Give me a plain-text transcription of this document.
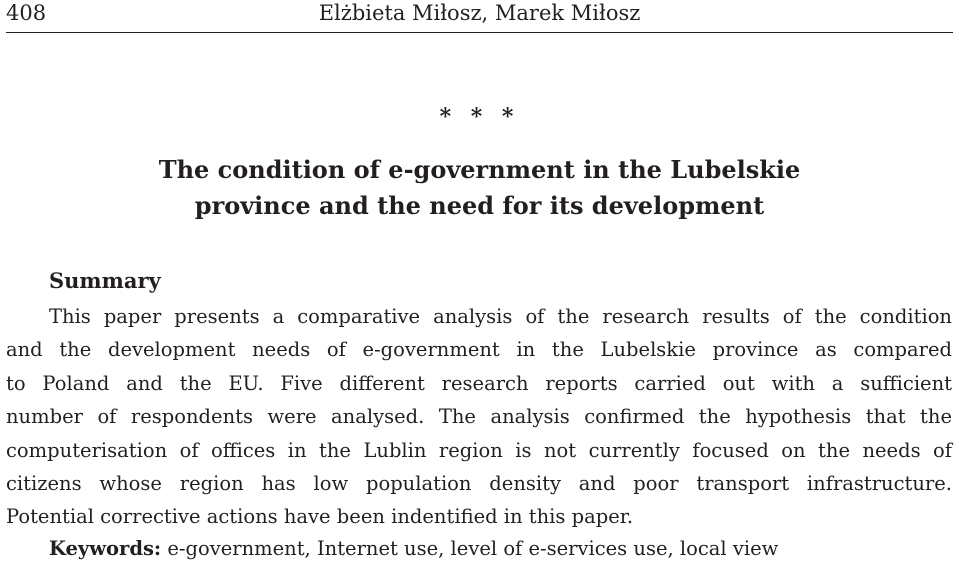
408	Elżbieta Miłosz, Marek Miłosz
* * *
The condition of e-government in the Lubelskie
province and the need for its development
Summary
This paper presents a comparative analysis of the research results of the condition
and the development needs of e-government in the Lubelskie province as compared
to Poland and the EU. Five different research reports carried out with a sufficient
number of respondents were analysed. The analysis confirmed the hypothesis that the
computerisation of offices in the Lublin region is not currently focused on the needs of
citizens whose region has low population density and poor transport infrastructure.
Potential corrective actions have been indentified in this paper.
Keywords: e-government, Internet use, level of e-services use, local view
